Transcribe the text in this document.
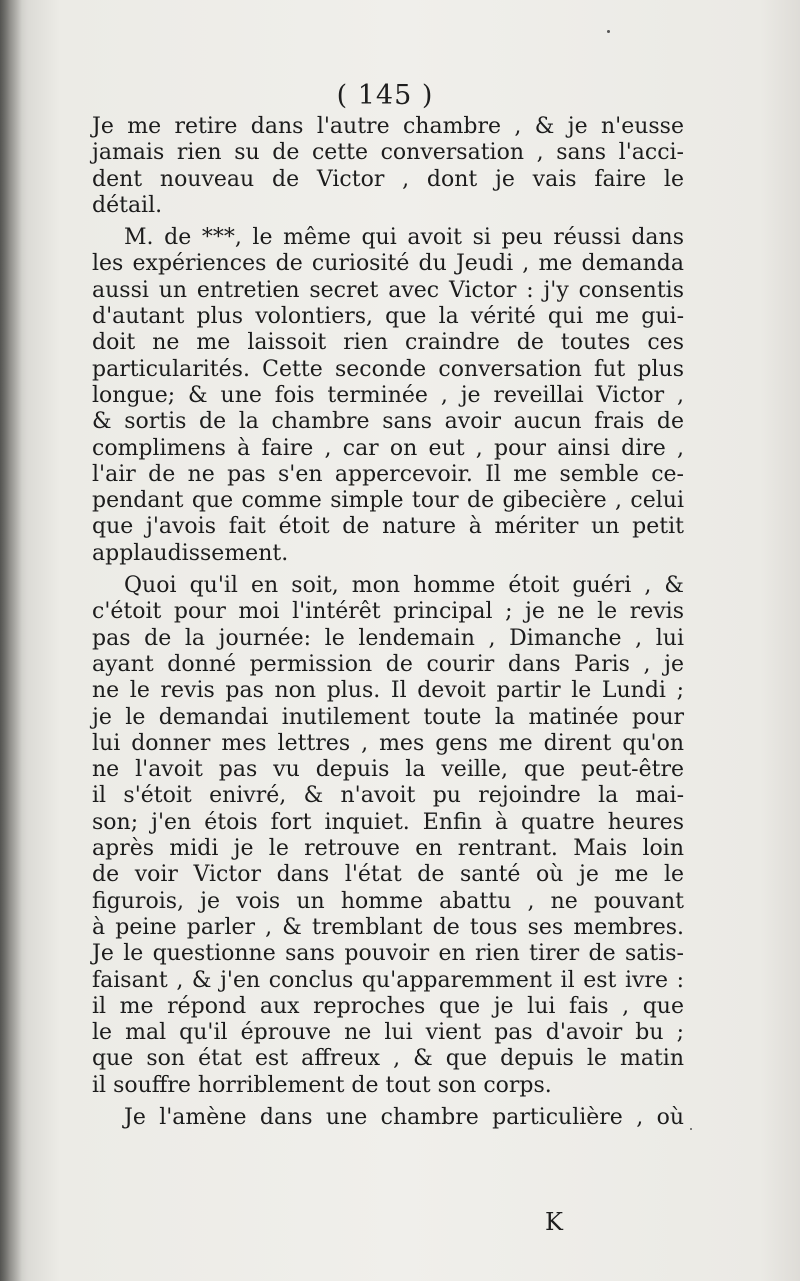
( 145 )
Je me retire dans l'autre chambre , & je n'eusse
jamais rien su de cette conversation , sans l'acci-
dent nouveau de Victor , dont je vais faire le
détail.
M. de ***, le même qui avoit si peu réussi dans
les expériences de curiosité du Jeudi , me demanda
aussi un entretien secret avec Victor : j'y consentis
d'autant plus volontiers, que la vérité qui me gui-
doit ne me laissoit rien craindre de toutes ces
particularités. Cette seconde conversation fut plus
longue; & une fois terminée , je reveillai Victor ,
& sortis de la chambre sans avoir aucun frais de
complimens à faire , car on eut , pour ainsi dire ,
l'air de ne pas s'en appercevoir. Il me semble ce-
pendant que comme simple tour de gibecière , celui
que j'avois fait étoit de nature à mériter un petit
applaudissement.
Quoi qu'il en soit, mon homme étoit guéri , &
c'étoit pour moi l'intérêt principal ; je ne le revis
pas de la journée: le lendemain , Dimanche , lui
ayant donné permission de courir dans Paris , je
ne le revis pas non plus. Il devoit partir le Lundi ;
je le demandai inutilement toute la matinée pour
lui donner mes lettres , mes gens me dirent qu'on
ne l'avoit pas vu depuis la veille, que peut-être
il s'étoit enivré, & n'avoit pu rejoindre la mai-
son; j'en étois fort inquiet. Enfin à quatre heures
après midi je le retrouve en rentrant. Mais loin
de voir Victor dans l'état de santé où je me le
figurois, je vois un homme abattu , ne pouvant
à peine parler , & tremblant de tous ses membres.
Je le questionne sans pouvoir en rien tirer de satis-
faisant , & j'en conclus qu'apparemment il est ivre :
il me répond aux reproches que je lui fais , que
le mal qu'il éprouve ne lui vient pas d'avoir bu ;
que son état est affreux , & que depuis le matin
il souffre horriblement de tout son corps.
Je l'amène dans une chambre particulière , où
K
